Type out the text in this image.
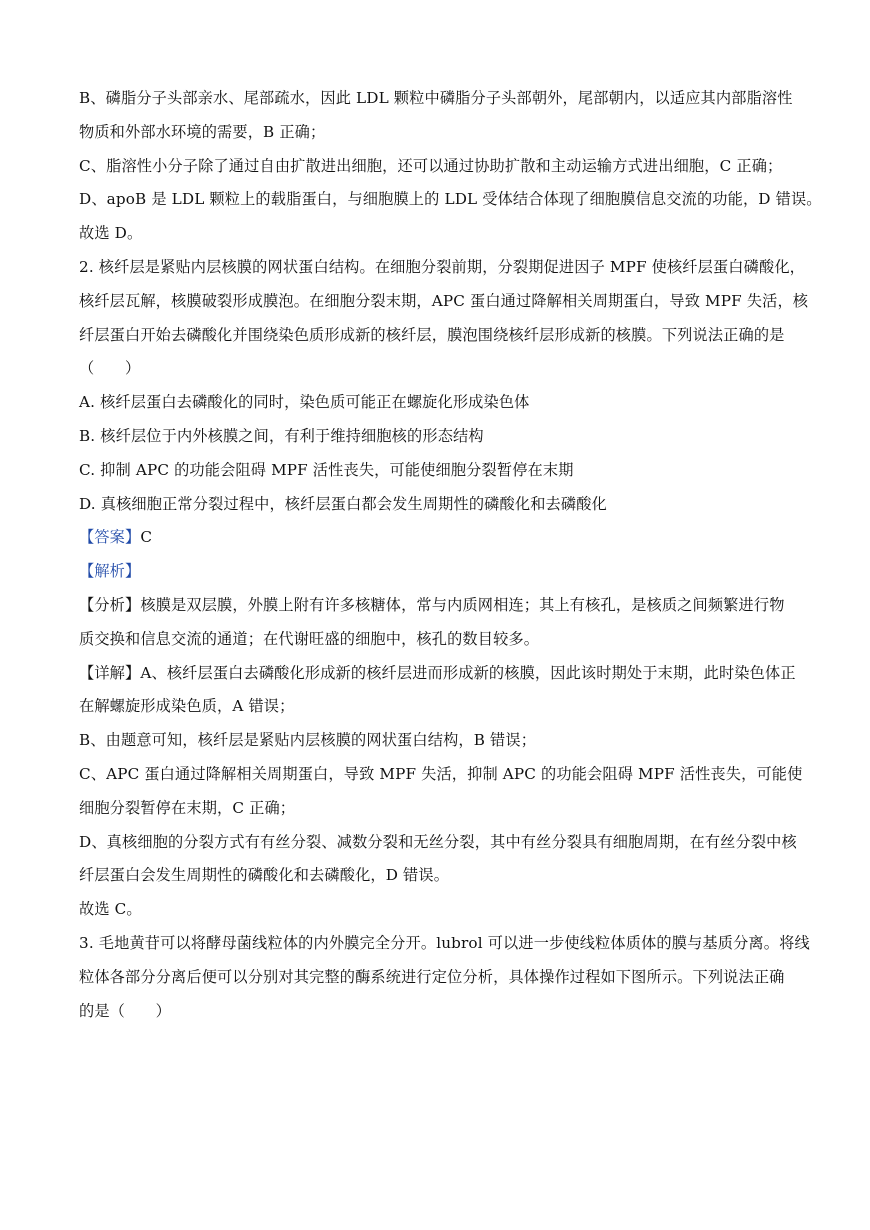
B、磷脂分子头部亲水、尾部疏水，因此 LDL 颗粒中磷脂分子头部朝外，尾部朝内，以适应其内部脂溶性
物质和外部水环境的需要，B 正确；
C、脂溶性小分子除了通过自由扩散进出细胞，还可以通过协助扩散和主动运输方式进出细胞，C 正确；
D、apoB 是 LDL 颗粒上的载脂蛋白，与细胞膜上的 LDL 受体结合体现了细胞膜信息交流的功能，D 错误。
故选 D。
2. 核纤层是紧贴内层核膜的网状蛋白结构。在细胞分裂前期，分裂期促进因子 MPF 使核纤层蛋白磷酸化，
核纤层瓦解，核膜破裂形成膜泡。在细胞分裂末期，APC 蛋白通过降解相关周期蛋白，导致 MPF 失活，核
纤层蛋白开始去磷酸化并围绕染色质形成新的核纤层，膜泡围绕核纤层形成新的核膜。下列说法正确的是
（　　）
A. 核纤层蛋白去磷酸化的同时，染色质可能正在螺旋化形成染色体
B. 核纤层位于内外核膜之间，有利于维持细胞核的形态结构
C. 抑制 APC 的功能会阻碍 MPF 活性丧失，可能使细胞分裂暂停在末期
D. 真核细胞正常分裂过程中，核纤层蛋白都会发生周期性的磷酸化和去磷酸化
【答案】C
【解析】
【分析】核膜是双层膜，外膜上附有许多核糖体，常与内质网相连；其上有核孔，是核质之间频繁进行物
质交换和信息交流的通道；在代谢旺盛的细胞中，核孔的数目较多。
【详解】A、核纤层蛋白去磷酸化形成新的核纤层进而形成新的核膜，因此该时期处于末期，此时染色体正
在解螺旋形成染色质，A 错误；
B、由题意可知，核纤层是紧贴内层核膜的网状蛋白结构，B 错误；
C、APC 蛋白通过降解相关周期蛋白，导致 MPF 失活，抑制 APC 的功能会阻碍 MPF 活性丧失，可能使
细胞分裂暂停在末期，C 正确；
D、真核细胞的分裂方式有有丝分裂、减数分裂和无丝分裂，其中有丝分裂具有细胞周期，在有丝分裂中核
纤层蛋白会发生周期性的磷酸化和去磷酸化，D 错误。
故选 C。
3. 毛地黄苷可以将酵母菌线粒体的内外膜完全分开。lubrol 可以进一步使线粒体质体的膜与基质分离。将线
粒体各部分分离后便可以分别对其完整的酶系统进行定位分析，具体操作过程如下图所示。下列说法正确
的是（　　）
